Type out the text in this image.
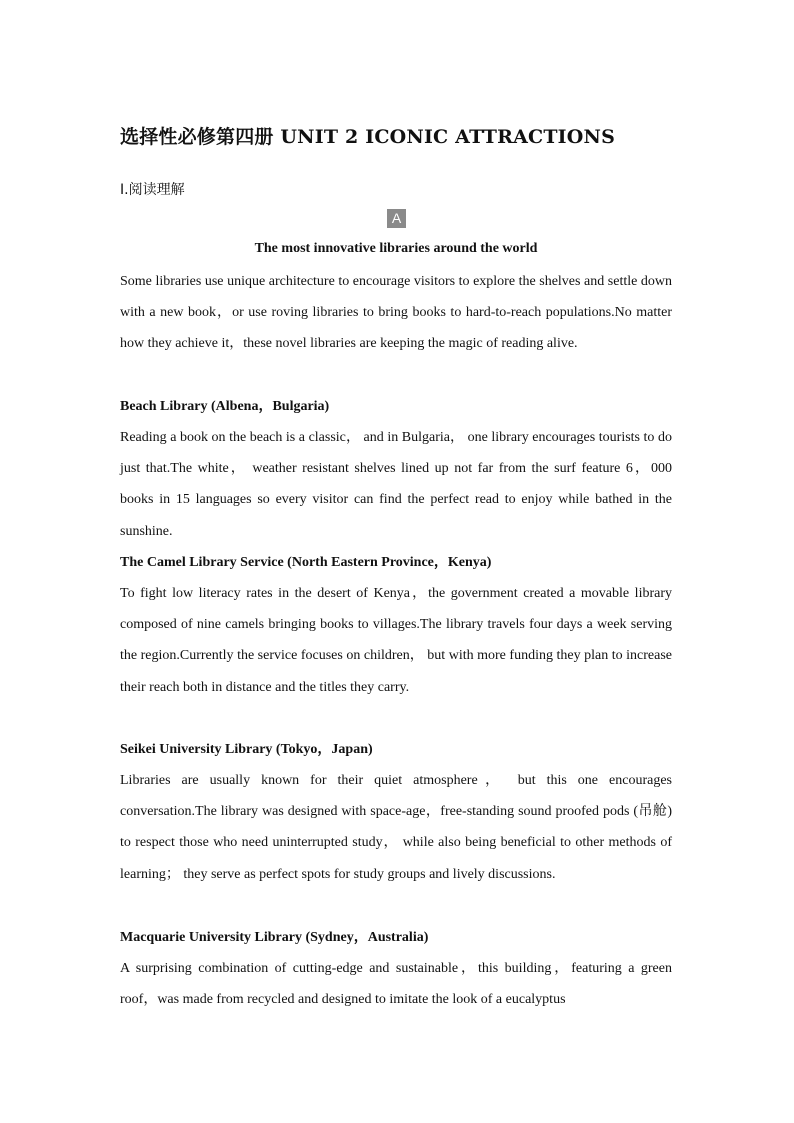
选择性必修第四册 UNIT 2 ICONIC ATTRACTIONS
Ⅰ.阅读理解
A
The most innovative libraries around the world

Some libraries use unique architecture to encourage visitors to explore the shelves and settle down with a new book，or use roving libraries to bring books to hard-to-reach populations.No matter how they achieve it，these novel libraries are keeping the magic of reading alive.

Beach Library (Albena，Bulgaria)

Reading a book on the beach is a classic， and in Bulgaria， one library encourages tourists to do just that.The white， weather resistant shelves lined up not far from the surf feature 6，000 books in 15 languages so every visitor can find the perfect read to enjoy while bathed in the sunshine.

The Camel Library Service (North Eastern Province，Kenya)

To fight low literacy rates in the desert of Kenya，the government created a movable library composed of nine camels bringing books to villages.The library travels four days a week serving the region.Currently the service focuses on children， but with more funding they plan to increase their reach both in distance and the titles they carry.

Seikei University Library (Tokyo，Japan)

Libraries are usually known for their quiet atmosphere， but this one encourages conversation.The library was designed with space-age，free-standing sound proofed pods (吊舱) to respect those who need uninterrupted study， while also being beneficial to other methods of learning； they serve as perfect spots for study groups and lively discussions.

Macquarie University Library (Sydney，Australia)

A surprising combination of cutting-edge and sustainable，this building，featuring a green roof，was made from recycled and designed to imitate the look of a eucalyptus
